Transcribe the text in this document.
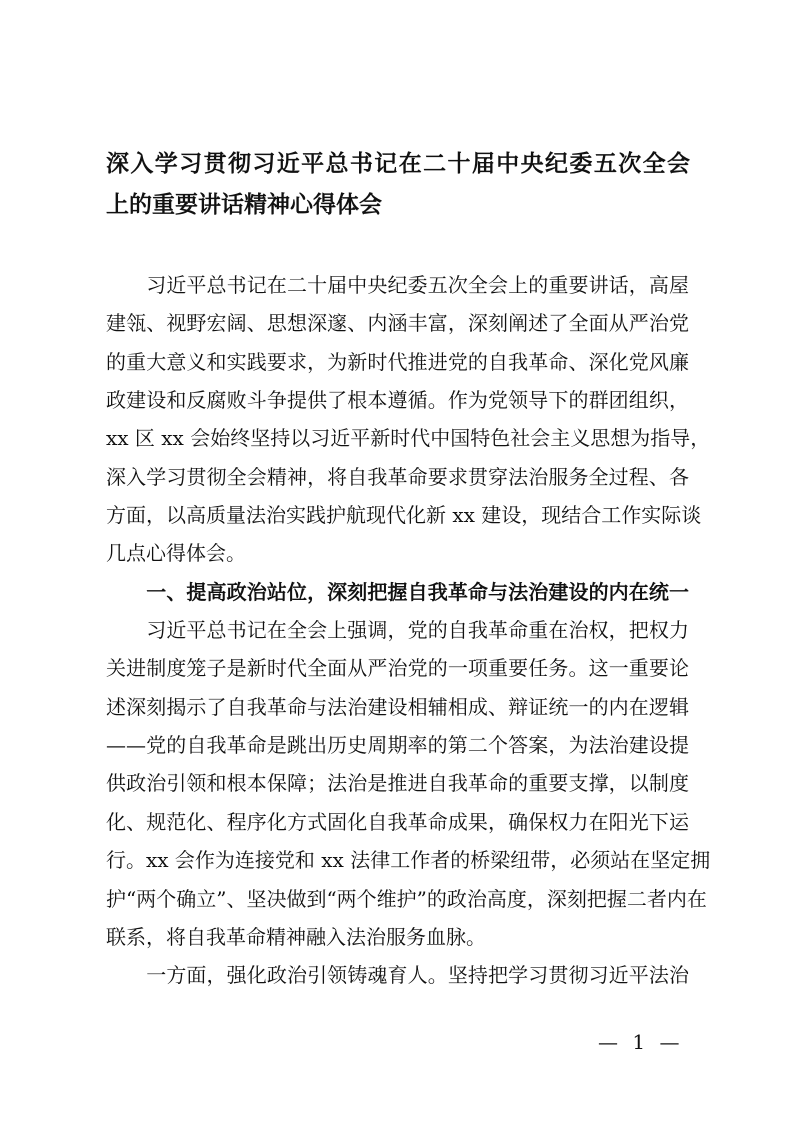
深入学习贯彻习近平总书记在二十届中央纪委五次全会
上的重要讲话精神心得体会
　　习近平总书记在二十届中央纪委五次全会上的重要讲话，高屋
建瓴、视野宏阔、思想深邃、内涵丰富，深刻阐述了全面从严治党
的重大意义和实践要求，为新时代推进党的自我革命、深化党风廉
政建设和反腐败斗争提供了根本遵循。作为党领导下的群团组织，
xx 区 xx 会始终坚持以习近平新时代中国特色社会主义思想为指导，
深入学习贯彻全会精神，将自我革命要求贯穿法治服务全过程、各
方面，以高质量法治实践护航现代化新 xx 建设，现结合工作实际谈
几点心得体会。
　　一、提高政治站位，深刻把握自我革命与法治建设的内在统一
　　习近平总书记在全会上强调，党的自我革命重在治权，把权力
关进制度笼子是新时代全面从严治党的一项重要任务。这一重要论
述深刻揭示了自我革命与法治建设相辅相成、辩证统一的内在逻辑
——党的自我革命是跳出历史周期率的第二个答案，为法治建设提
供政治引领和根本保障；法治是推进自我革命的重要支撑，以制度
化、规范化、程序化方式固化自我革命成果，确保权力在阳光下运
行。xx 会作为连接党和 xx 法律工作者的桥梁纽带，必须站在坚定拥
护“两个确立”、坚决做到“两个维护”的政治高度，深刻把握二者内在
联系，将自我革命精神融入法治服务血脉。
　　一方面，强化政治引领铸魂育人。坚持把学习贯彻习近平法治
— 1 —
